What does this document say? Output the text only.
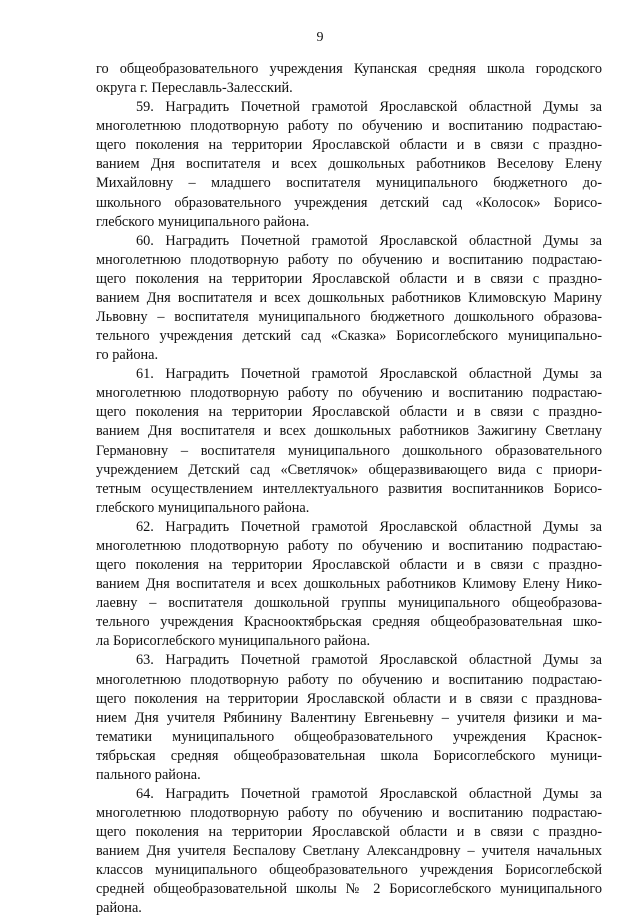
9
го общеобразовательного учреждения Купанская средняя школа городского
округа г. Переславль-Залесский.
59. Наградить Почетной грамотой Ярославской областной Думы за
многолетнюю плодотворную работу по обучению и воспитанию подрастаю-
щего поколения на территории Ярославской области и в связи с праздно-
ванием Дня воспитателя и всех дошкольных работников Веселову Елену
Михайловну – младшего воспитателя муниципального бюджетного до-
школьного образовательного учреждения детский сад «Колосок» Борисо-
глебского муниципального района.
60. Наградить Почетной грамотой Ярославской областной Думы за
многолетнюю плодотворную работу по обучению и воспитанию подрастаю-
щего поколения на территории Ярославской области и в связи с праздно-
ванием Дня воспитателя и всех дошкольных работников Климовскую Марину
Львовну – воспитателя муниципального бюджетного дошкольного образова-
тельного учреждения детский сад «Сказка» Борисоглебского муниципально-
го района.
61. Наградить Почетной грамотой Ярославской областной Думы за
многолетнюю плодотворную работу по обучению и воспитанию подрастаю-
щего поколения на территории Ярославской области и в связи с праздно-
ванием Дня воспитателя и всех дошкольных работников Зажигину Светлану
Германовну – воспитателя муниципального дошкольного образовательного
учреждением Детский сад «Светлячок» общеразвивающего вида с приори-
тетным осуществлением интеллектуального развития воспитанников Борисо-
глебского муниципального района.
62. Наградить Почетной грамотой Ярославской областной Думы за
многолетнюю плодотворную работу по обучению и воспитанию подрастаю-
щего поколения на территории Ярославской области и в связи с праздно-
ванием Дня воспитателя и всех дошкольных работников Климову Елену Нико-
лаевну – воспитателя дошкольной группы муниципального общеобразова-
тельного учреждения Краснооктябрьская средняя общеобразовательная шко-
ла Борисоглебского муниципального района.
63. Наградить Почетной грамотой Ярославской областной Думы за
многолетнюю плодотворную работу по обучению и воспитанию подрастаю-
щего поколения на территории Ярославской области и в связи с празднова-
нием Дня учителя Рябинину Валентину Евгеньевну – учителя физики и ма-
тематики муниципального общеобразовательного учреждения Краснок-
тябрьская средняя общеобразовательная школа Борисоглебского муници-
пального района.
64. Наградить Почетной грамотой Ярославской областной Думы за
многолетнюю плодотворную работу по обучению и воспитанию подрастаю-
щего поколения на территории Ярославской области и в связи с праздно-
ванием Дня учителя Беспалову Светлану Александровну – учителя начальных
классов муниципального общеобразовательного учреждения Борисоглебской
средней общеобразовательной школы № 2 Борисоглебского муниципального
района.
